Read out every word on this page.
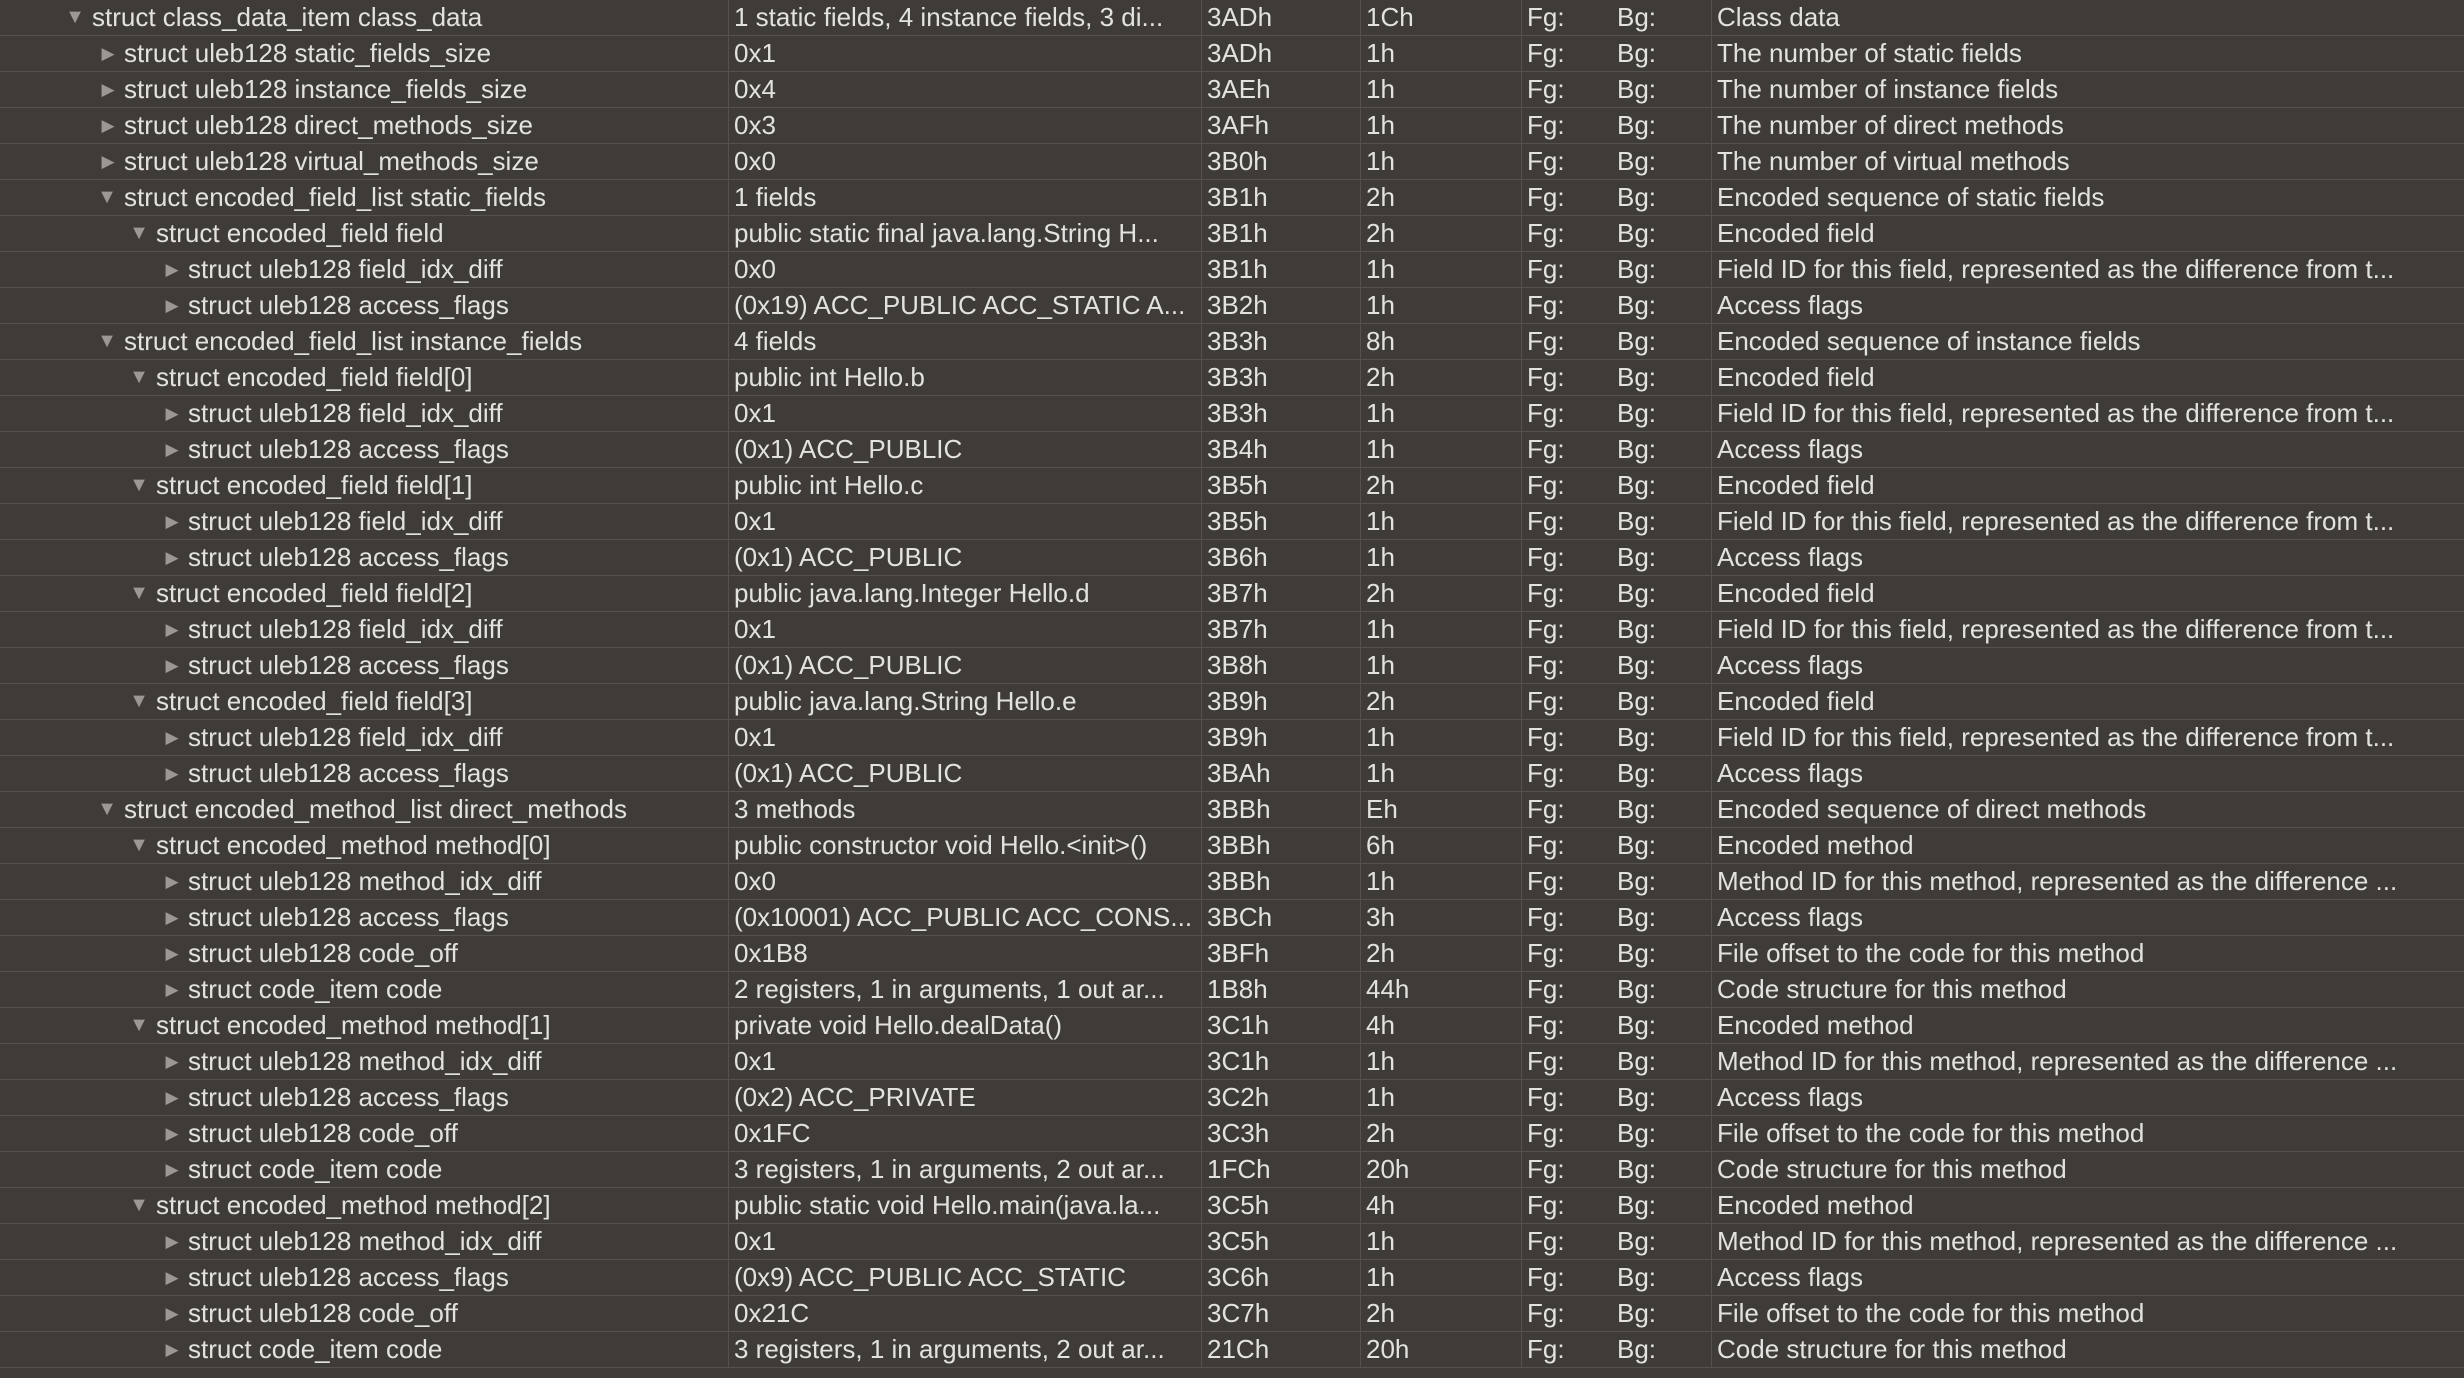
▼ struct class_data_item class_data	1 static fields, 4 instance fields, 3 di...	3ADh	1Ch	Fg:	Bg:	Class data
▶ struct uleb128 static_fields_size	0x1	3ADh	1h	Fg:	Bg:	The number of static fields
▶ struct uleb128 instance_fields_size	0x4	3AEh	1h	Fg:	Bg:	The number of instance fields
▶ struct uleb128 direct_methods_size	0x3	3AFh	1h	Fg:	Bg:	The number of direct methods
▶ struct uleb128 virtual_methods_size	0x0	3B0h	1h	Fg:	Bg:	The number of virtual methods
▼ struct encoded_field_list static_fields	1 fields	3B1h	2h	Fg:	Bg:	Encoded sequence of static fields
▼ struct encoded_field field	public static final java.lang.String H...	3B1h	2h	Fg:	Bg:	Encoded field
▶ struct uleb128 field_idx_diff	0x0	3B1h	1h	Fg:	Bg:	Field ID for this field, represented as the difference from t...
▶ struct uleb128 access_flags	(0x19) ACC_PUBLIC ACC_STATIC A... 3B2h	1h	Fg:	Bg:	Access flags
▼ struct encoded_field_list instance_fields	4 fields	3B3h	8h	Fg:	Bg:	Encoded sequence of instance fields
▼ struct encoded_field field[0]	public int Hello.b	3B3h	2h	Fg:	Bg:	Encoded field
▶ struct uleb128 field_idx_diff	0x1	3B3h	1h	Fg:	Bg:	Field ID for this field, represented as the difference from t...
▶ struct uleb128 access_flags	(0x1) ACC_PUBLIC	3B4h	1h	Fg:	Bg:	Access flags
▼ struct encoded_field field[1]	public int Hello.c	3B5h	2h	Fg:	Bg:	Encoded field
▶ struct uleb128 field_idx_diff	0x1	3B5h	1h	Fg:	Bg:	Field ID for this field, represented as the difference from t...
▶ struct uleb128 access_flags	(0x1) ACC_PUBLIC	3B6h	1h	Fg:	Bg:	Access flags
▼ struct encoded_field field[2]	public java.lang.Integer Hello.d	3B7h	2h	Fg:	Bg:	Encoded field
▶ struct uleb128 field_idx_diff	0x1	3B7h	1h	Fg:	Bg:	Field ID for this field, represented as the difference from t...
▶ struct uleb128 access_flags	(0x1) ACC_PUBLIC	3B8h	1h	Fg:	Bg:	Access flags
▼ struct encoded_field field[3]	public java.lang.String Hello.e	3B9h	2h	Fg:	Bg:	Encoded field
▶ struct uleb128 field_idx_diff	0x1	3B9h	1h	Fg:	Bg:	Field ID for this field, represented as the difference from t...
▶ struct uleb128 access_flags	(0x1) ACC_PUBLIC	3BAh	1h	Fg:	Bg:	Access flags
▼ struct encoded_method_list direct_methods	3 methods	3BBh	Eh	Fg:	Bg:	Encoded sequence of direct methods
▼ struct encoded_method method[0]	public constructor void Hello.<init>()	3BBh	6h	Fg:	Bg:	Encoded method
▶ struct uleb128 method_idx_diff	0x0	3BBh	1h	Fg:	Bg:	Method ID for this method, represented as the difference ...
▶ struct uleb128 access_flags	(0x10001) ACC_PUBLIC ACC_CONS... 3BCh	3h	Fg:	Bg:	Access flags
▶ struct uleb128 code_off	0x1B8	3BFh	2h	Fg:	Bg:	File offset to the code for this method
▶ struct code_item code	2 registers, 1 in arguments, 1 out ar...	1B8h	44h	Fg:	Bg:	Code structure for this method
▼ struct encoded_method method[1]	private void Hello.dealData()	3C1h	4h	Fg:	Bg:	Encoded method
▶ struct uleb128 method_idx_diff	0x1	3C1h	1h	Fg:	Bg:	Method ID for this method, represented as the difference ...
▶ struct uleb128 access_flags	(0x2) ACC_PRIVATE	3C2h	1h	Fg:	Bg:	Access flags
▶ struct uleb128 code_off	0x1FC	3C3h	2h	Fg:	Bg:	File offset to the code for this method
▶ struct code_item code	3 registers, 1 in arguments, 2 out ar...	1FCh	20h	Fg:	Bg:	Code structure for this method
▼ struct encoded_method method[2]	public static void Hello.main(java.la...	3C5h	4h	Fg:	Bg:	Encoded method
▶ struct uleb128 method_idx_diff	0x1	3C5h	1h	Fg:	Bg:	Method ID for this method, represented as the difference ...
▶ struct uleb128 access_flags	(0x9) ACC_PUBLIC ACC_STATIC	3C6h	1h	Fg:	Bg:	Access flags
▶ struct uleb128 code_off	0x21C	3C7h	2h	Fg:	Bg:	File offset to the code for this method
▶ struct code_item code	3 registers, 1 in arguments, 2 out ar...	21Ch	20h	Fg:	Bg:	Code structure for this method
